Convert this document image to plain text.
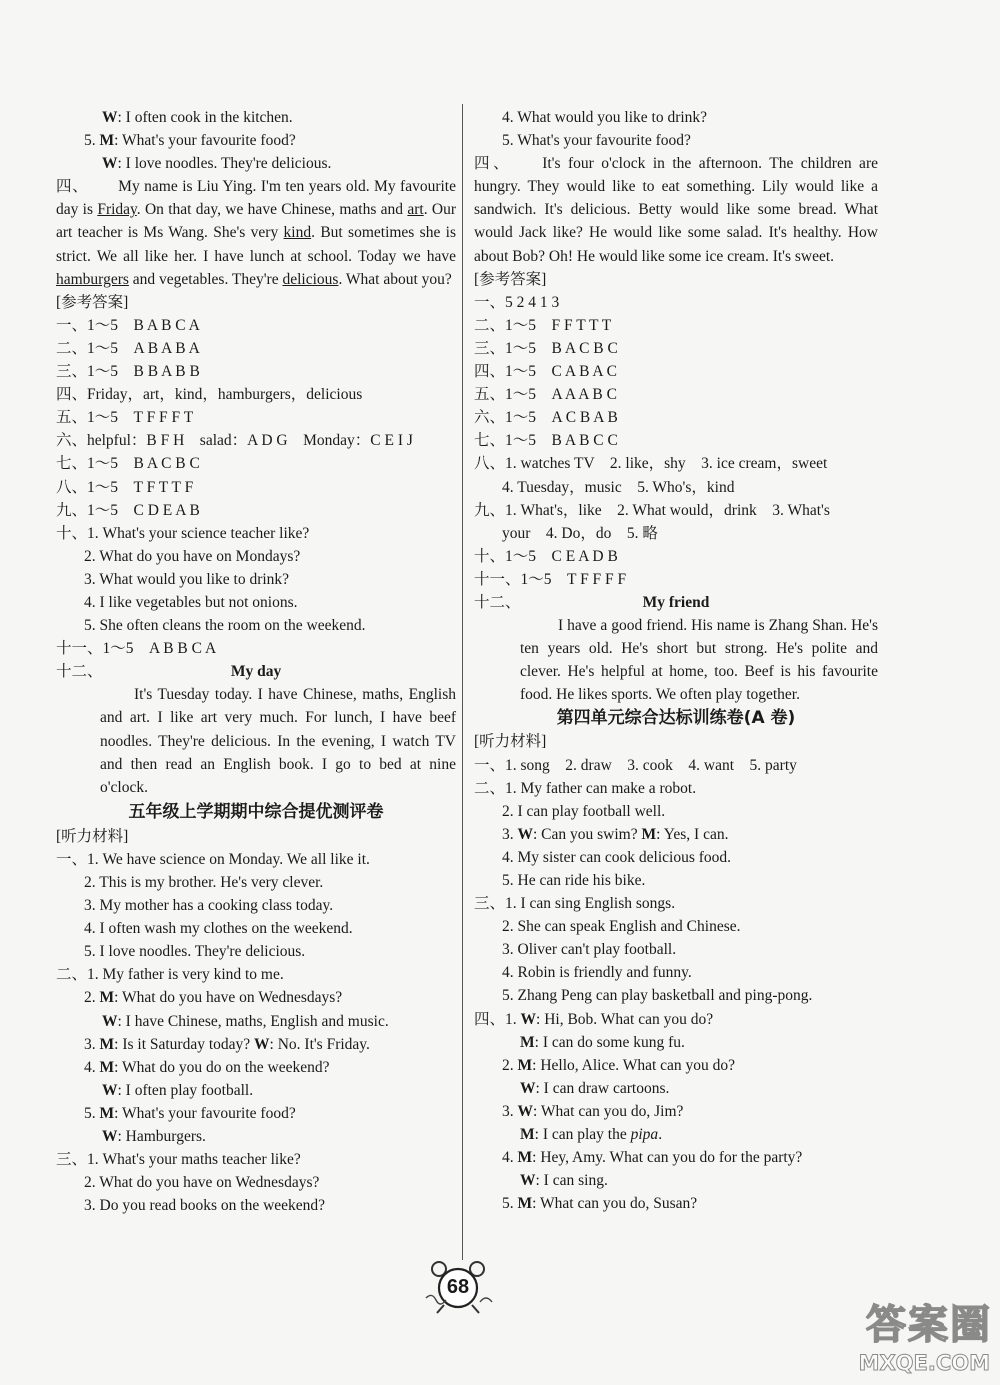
W: I often cook in the kitchen.
5. M: What's your favourite food?
W: I love noodles. They're delicious.
四、 My name is Liu Ying. I'm ten years old. My favourite day is Friday. On that day, we have Chinese, maths and art. Our art teacher is Ms Wang. She's very kind. But sometimes she is strict. We all like her. I have lunch at school. Today we have hamburgers and vegetables. They're delicious. What about you?
[参考答案]
一、1～5　B A B C A
二、1～5　A B A B A
三、1～5　B B A B B
四、Friday，art，kind，hamburgers，delicious
五、1～5　T F F F T
六、helpful：B F H　salad：A D G　Monday：C E I J
七、1～5　B A C B C
八、1～5　T F T T F
九、1～5　C D E A B
十、1. What's your science teacher like?
2. What do you have on Mondays?
3. What would you like to drink?
4. I like vegetables but not onions.
5. She often cleans the room on the weekend.
十一、1～5　A B B C A
十二、	My day
It's Tuesday today. I have Chinese, maths, English and art. I like art very much. For lunch, I have beef noodles. They're delicious. In the evening, I watch TV and then read an English book. I go to bed at nine o'clock.
五年级上学期期中综合提优测评卷
[听力材料]
一、1. We have science on Monday. We all like it.
2. This is my brother. He's very clever.
3. My mother has a cooking class today.
4. I often wash my clothes on the weekend.
5. I love noodles. They're delicious.
二、1. My father is very kind to me.
2. M: What do you have on Wednesdays?
W: I have Chinese, maths, English and music.
3. M: Is it Saturday today? W: No. It's Friday.
4. M: What do you do on the weekend?
W: I often play football.
5. M: What's your favourite food?
W: Hamburgers.
三、1. What's your maths teacher like?
2. What do you have on Wednesdays?
3. Do you read books on the weekend?
4. What would you like to drink?
5. What's your favourite food?
四、 It's four o'clock in the afternoon. The children are hungry. They would like to eat something. Lily would like a sandwich. It's delicious. Betty would like some bread. What would Jack like? He would like some salad. It's healthy. How about Bob? Oh! He would like some ice cream. It's sweet.
[参考答案]
一、5 2 4 1 3
二、1～5　F F T T T
三、1～5　B A C B C
四、1～5　C A B A C
五、1～5　A A A B C
六、1～5　A C B A B
七、1～5　B A B C C
八、1. watches TV　2. like，shy　3. ice cream，sweet
4. Tuesday，music　5. Who's，kind
九、1. What's，like　2. What would，drink　3. What's
your　4. Do，do　5. 略
十、1～5　C E A D B
十一、1～5　T F F F F
十二、	My friend
I have a good friend. His name is Zhang Shan. He's ten years old. He's short but strong. He's polite and clever. He's helpful at home, too. Beef is his favourite food. He likes sports. We often play together.
第四单元综合达标训练卷(A 卷)
[听力材料]
一、1. song　2. draw　3. cook　4. want　5. party
二、1. My father can make a robot.
2. I can play football well.
3. W: Can you swim? M: Yes, I can.
4. My sister can cook delicious food.
5. He can ride his bike.
三、1. I can sing English songs.
2. She can speak English and Chinese.
3. Oliver can't play football.
4. Robin is friendly and funny.
5. Zhang Peng can play basketball and ping-pong.
四、1. W: Hi, Bob. What can you do?
M: I can do some kung fu.
2. M: Hello, Alice. What can you do?
W: I can draw cartoons.
3. W: What can you do, Jim?
M: I can play the pipa.
4. M: Hey, Amy. What can you do for the party?
W: I can sing.
5. M: What can you do, Susan?
68
答案圈
MXQE.COM
